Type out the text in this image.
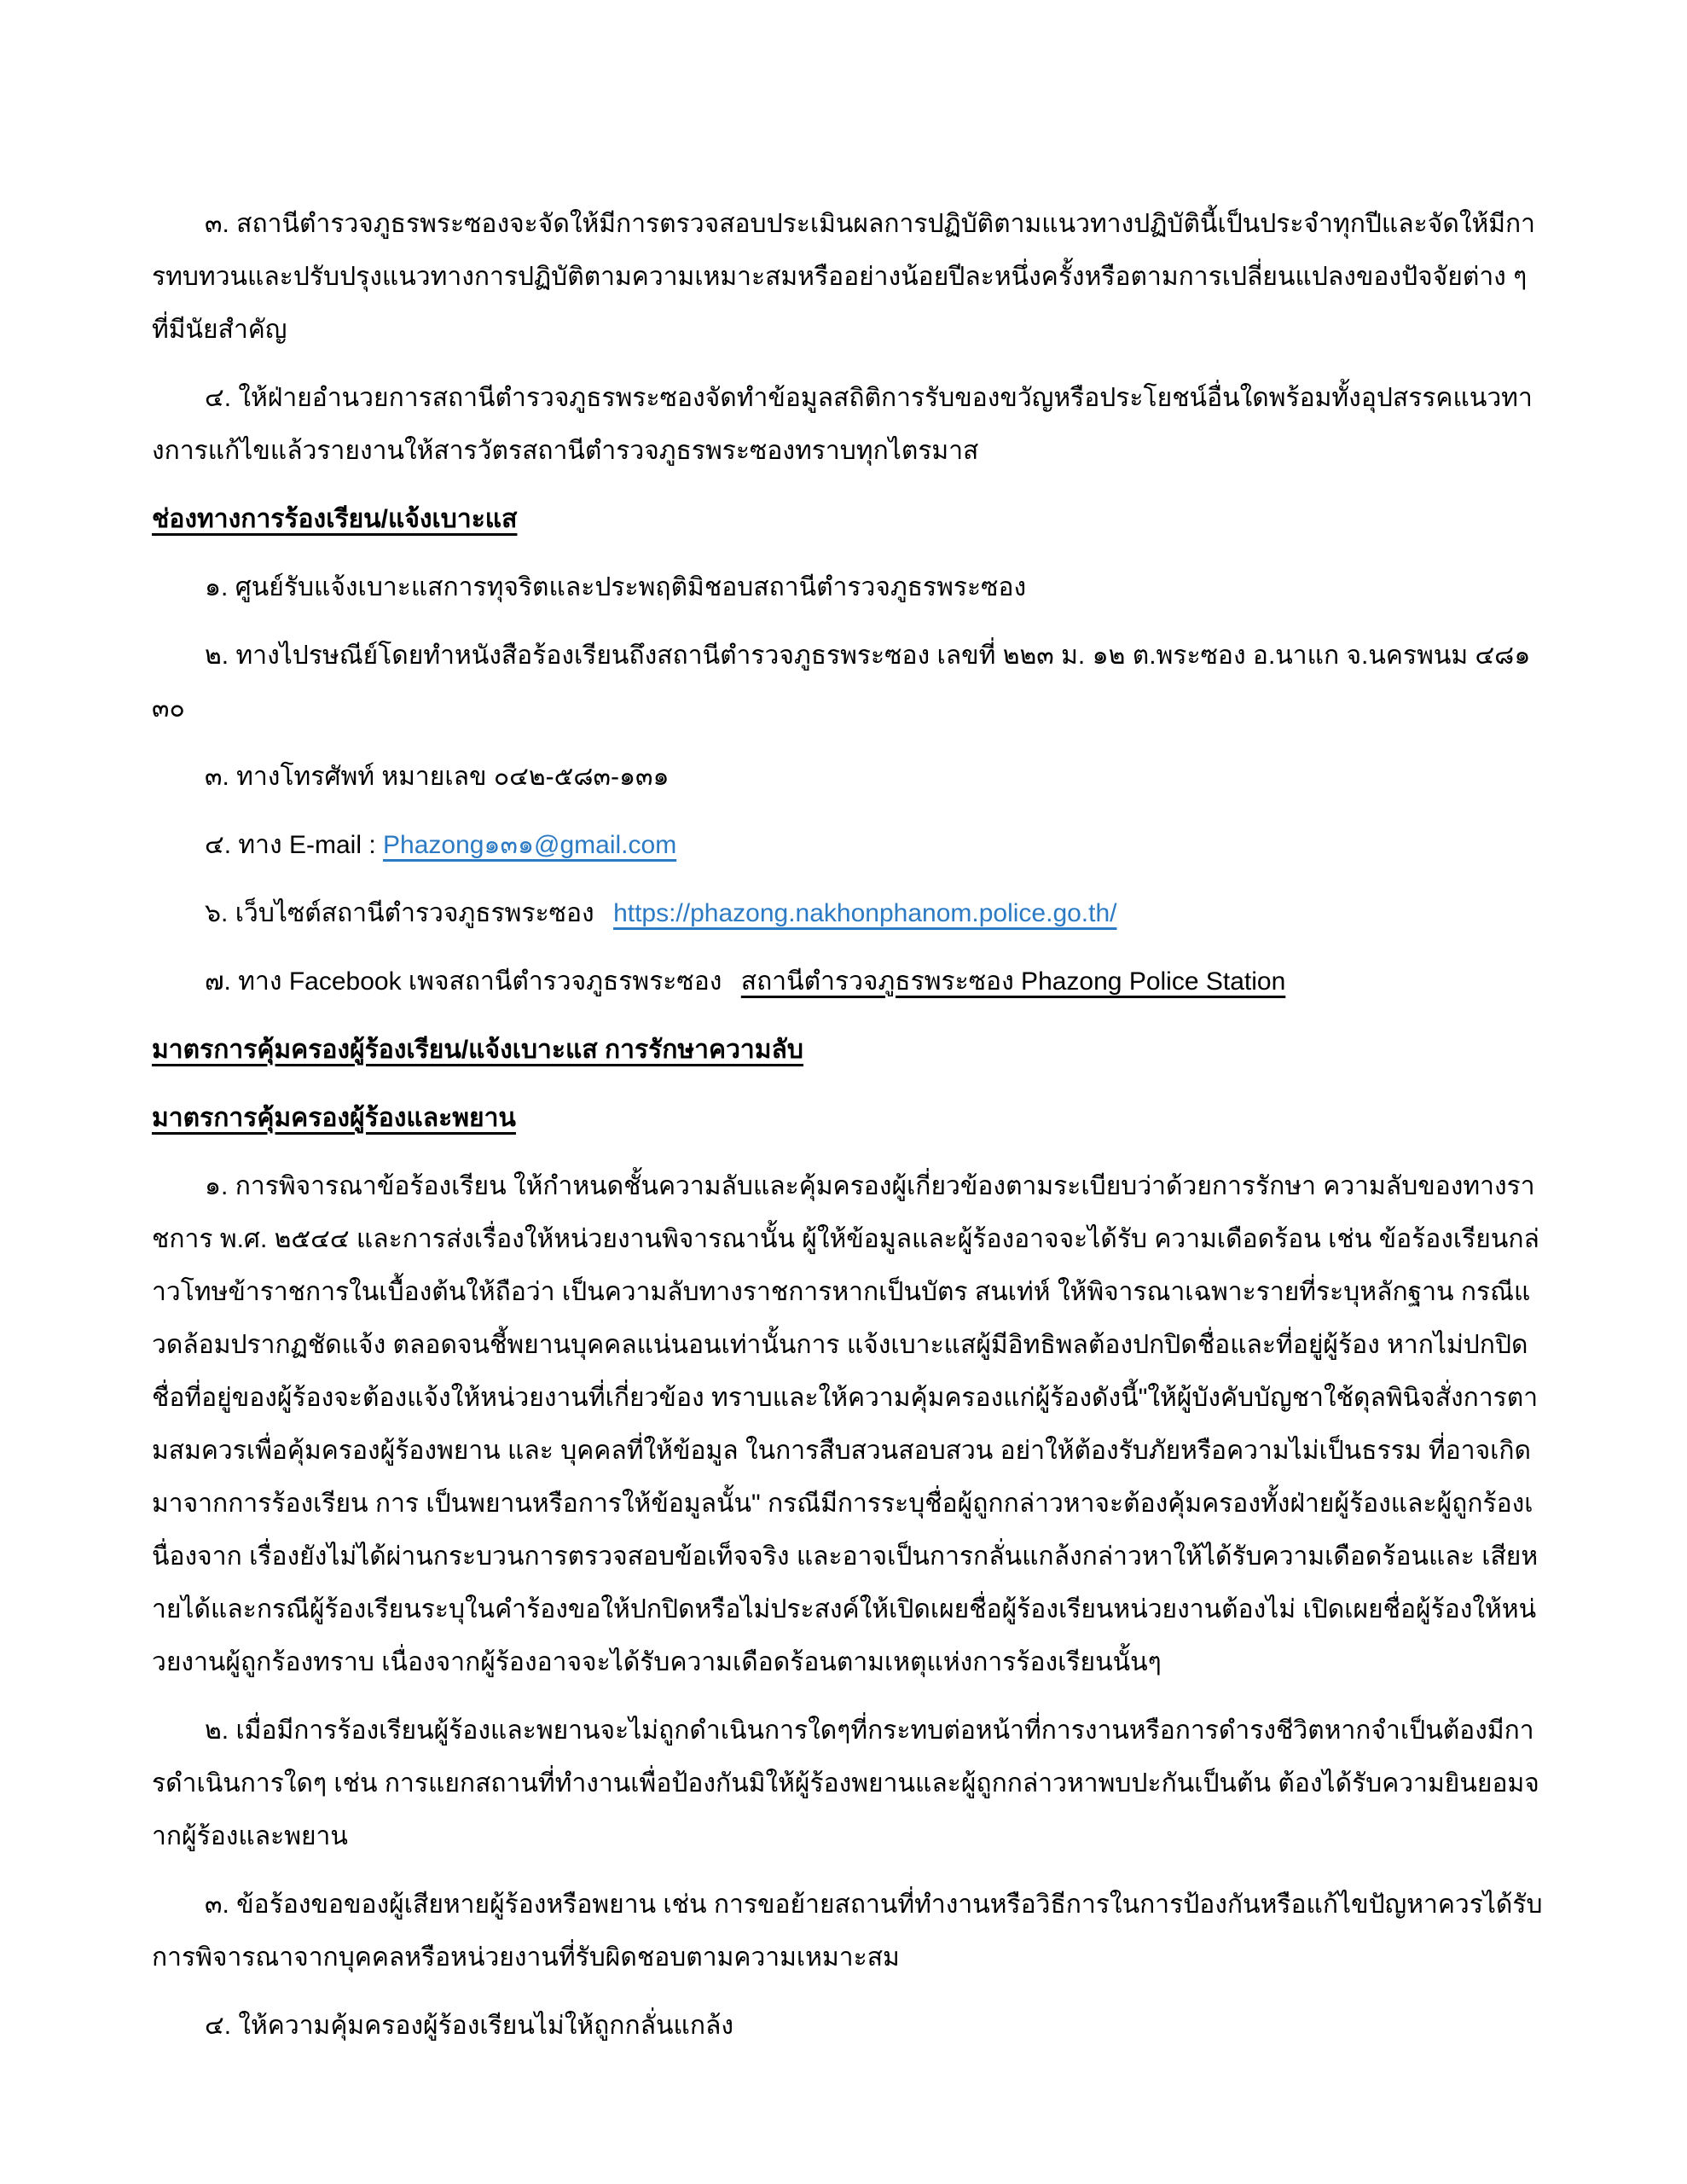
๓. สถานีตำรวจภูธรพระซองจะจัดให้มีการตรวจสอบประเมินผลการปฏิบัติตามแนวทางปฏิบัตินี้เป็นประจำทุกปีและจัดให้มีการทบทวนและปรับปรุงแนวทางการปฏิบัติตามความเหมาะสมหรืออย่างน้อยปีละหนึ่งครั้งหรือตามการเปลี่ยนแปลงของปัจจัยต่าง ๆ ที่มีนัยสำคัญ

๔. ให้ฝ่ายอำนวยการสถานีตำรวจภูธรพระซองจัดทำข้อมูลสถิติการรับของขวัญหรือประโยชน์อื่นใดพร้อมทั้งอุปสรรคแนวทางการแก้ไขแล้วรายงานให้สารวัตรสถานีตำรวจภูธรพระซองทราบทุกไตรมาส

ช่องทางการร้องเรียน/แจ้งเบาะแส

๑. ศูนย์รับแจ้งเบาะแสการทุจริตและประพฤติมิชอบสถานีตำรวจภูธรพระซอง

๒. ทางไปรษณีย์โดยทำหนังสือร้องเรียนถึงสถานีตำรวจภูธรพระซอง เลขที่ ๒๒๓ ม. ๑๒ ต.พระซอง อ.นาแก จ.นครพนม ๔๘๑๓๐

๓. ทางโทรศัพท์ หมายเลข ๐๔๒-๕๘๓-๑๓๑

๔. ทาง E-mail : Phazong๑๓๑@gmail.com

๖. เว็บไซต์สถานีตำรวจภูธรพระซอง https://phazong.nakhonphanom.police.go.th/

๗. ทาง Facebook เพจสถานีตำรวจภูธรพระซอง สถานีตำรวจภูธรพระซอง Phazong Police Station

มาตรการคุ้มครองผู้ร้องเรียน/แจ้งเบาะแส การรักษาความลับ
มาตรการคุ้มครองผู้ร้องและพยาน

๑. การพิจารณาข้อร้องเรียน ให้กำหนดชั้นความลับและคุ้มครองผู้เกี่ยวข้องตามระเบียบว่าด้วยการรักษา ความลับของทางราชการ พ.ศ. ๒๕๔๔ และการส่งเรื่องให้หน่วยงานพิจารณานั้น ผู้ให้ข้อมูลและผู้ร้องอาจจะได้รับ ความเดือดร้อน เช่น ข้อร้องเรียนกล่าวโทษข้าราชการในเบื้องต้นให้ถือว่า เป็นความลับทางราชการหากเป็นบัตร สนเท่ห์ ให้พิจารณาเฉพาะรายที่ระบุหลักฐาน กรณีแวดล้อมปรากฏชัดแจ้ง ตลอดจนชี้พยานบุคคลแน่นอนเท่านั้นการ แจ้งเบาะแสผู้มีอิทธิพลต้องปกปิดชื่อและที่อยู่ผู้ร้อง หากไม่ปกปิดชื่อที่อยู่ของผู้ร้องจะต้องแจ้งให้หน่วยงานที่เกี่ยวข้อง ทราบและให้ความคุ้มครองแก่ผู้ร้องดังนี้"ให้ผู้บังคับบัญชาใช้ดุลพินิจสั่งการตามสมควรเพื่อคุ้มครองผู้ร้องพยาน และ บุคคลที่ให้ข้อมูล ในการสืบสวนสอบสวน อย่าให้ต้องรับภัยหรือความไม่เป็นธรรม ที่อาจเกิดมาจากการร้องเรียน การ เป็นพยานหรือการให้ข้อมูลนั้น" กรณีมีการระบุชื่อผู้ถูกกล่าวหาจะต้องคุ้มครองทั้งฝ่ายผู้ร้องและผู้ถูกร้องเนื่องจาก เรื่องยังไม่ได้ผ่านกระบวนการตรวจสอบข้อเท็จจริง และอาจเป็นการกลั่นแกล้งกล่าวหาให้ได้รับความเดือดร้อนและ เสียหายได้และกรณีผู้ร้องเรียนระบุในคำร้องขอให้ปกปิดหรือไม่ประสงค์ให้เปิดเผยชื่อผู้ร้องเรียนหน่วยงานต้องไม่ เปิดเผยชื่อผู้ร้องให้หน่วยงานผู้ถูกร้องทราบ เนื่องจากผู้ร้องอาจจะได้รับความเดือดร้อนตามเหตุแห่งการร้องเรียนนั้นๆ

๒. เมื่อมีการร้องเรียนผู้ร้องและพยานจะไม่ถูกดำเนินการใดๆที่กระทบต่อหน้าที่การงานหรือการดำรงชีวิตหากจำเป็นต้องมีการดำเนินการใดๆ เช่น การแยกสถานที่ทำงานเพื่อป้องกันมิให้ผู้ร้องพยานและผู้ถูกกล่าวหาพบปะกันเป็นต้น ต้องได้รับความยินยอมจากผู้ร้องและพยาน

๓. ข้อร้องขอของผู้เสียหายผู้ร้องหรือพยาน เช่น การขอย้ายสถานที่ทำงานหรือวิธีการในการป้องกันหรือแก้ไขปัญหาควรได้รับการพิจารณาจากบุคคลหรือหน่วยงานที่รับผิดชอบตามความเหมาะสม

๔. ให้ความคุ้มครองผู้ร้องเรียนไม่ให้ถูกกลั่นแกล้ง
